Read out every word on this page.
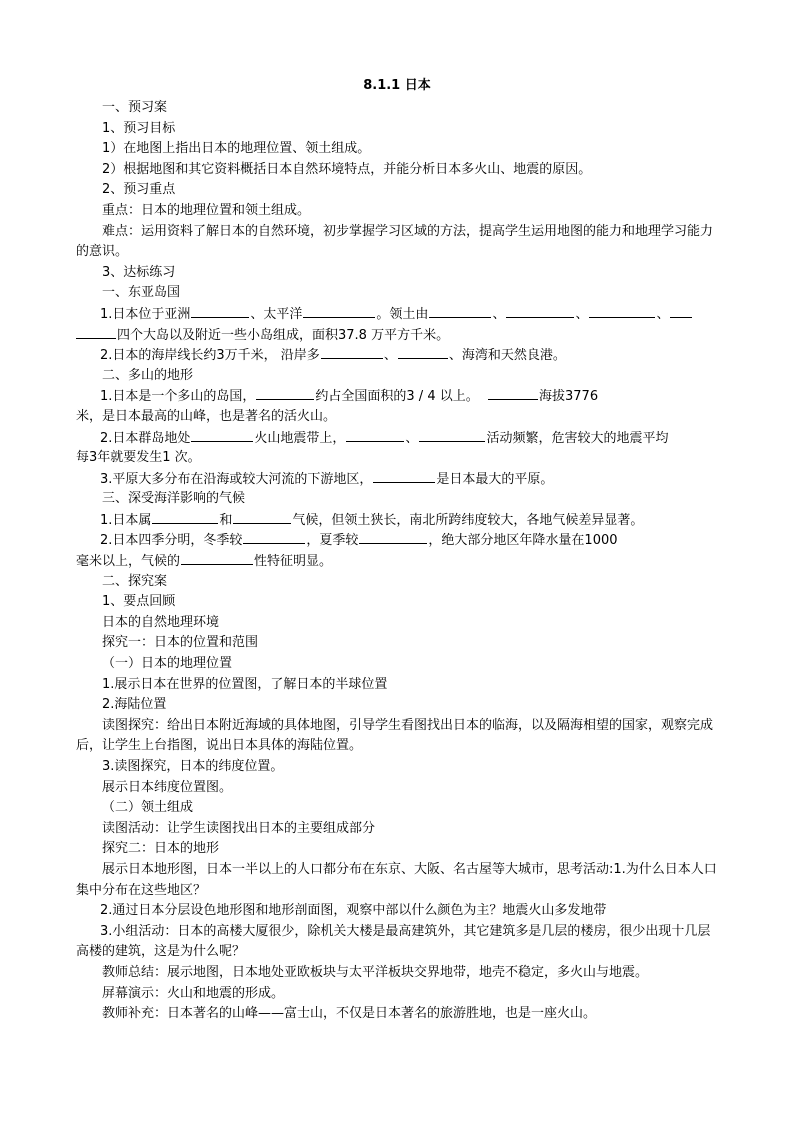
8.1.1 日本
一、预习案
1、预习目标
1）在地图上指出日本的地理位置、领土组成。
2）根据地图和其它资料概括日本自然环境特点，并能分析日本多火山、地震的原因。
2、预习重点
重点：日本的地理位置和领土组成。
难点：运用资料了解日本的自然环境，初步掌握学习区域的方法，提高学生运用地图的能力和地理学习能力的意识。
3、达标练习
一、东亚岛国
1.日本位于亚洲	、太平洋	。领土由	、	、	、
四个大岛以及附近一些小岛组成，面积37.8 万平方千米。
2.日本的海岸线长约3万千米， 沿岸多	、	、海湾和天然良港。
二、多山的地形
1.日本是一个多山的岛国，	约占全国面积的3 / 4 以上。	海拔3776
米，是日本最高的山峰，也是著名的活火山。
2.日本群岛地处	火山地震带上，	、	活动频繁，危害较大的地震平均
每3年就要发生1 次。
3.平原大多分布在沿海或较大河流的下游地区，	是日本最大的平原。
三、深受海洋影响的气候
1.日本属	和	气候，但领土狭长，南北所跨纬度较大，各地气候差异显著。
2.日本四季分明，冬季较	，夏季较	，绝大部分地区年降水量在1000
毫米以上，气候的	性特征明显。
二、探究案
1、要点回顾
日本的自然地理环境
探究一：日本的位置和范围
（一）日本的地理位置
1.展示日本在世界的位置图，了解日本的半球位置
2.海陆位置
读图探究：给出日本附近海域的具体地图，引导学生看图找出日本的临海，以及隔海相望的国家，观察完成后，让学生上台指图，说出日本具体的海陆位置。
3.读图探究，日本的纬度位置。
展示日本纬度位置图。
（二）领土组成
读图活动：让学生读图找出日本的主要组成部分
探究二：日本的地形
展示日本地形图，日本一半以上的人口都分布在东京、大阪、名古屋等大城市，思考活动:1.为什么日本人口集中分布在这些地区？
2.通过日本分层设色地形图和地形剖面图，观察中部以什么颜色为主？地震火山多发地带
3.小组活动：日本的高楼大厦很少，除机关大楼是最高建筑外，其它建筑多是几层的楼房，很少出现十几层高楼的建筑，这是为什么呢？
教师总结：展示地图，日本地处亚欧板块与太平洋板块交界地带，地壳不稳定，多火山与地震。
屏幕演示：火山和地震的形成。
教师补充：日本著名的山峰——富士山，不仅是日本著名的旅游胜地，也是一座火山。
